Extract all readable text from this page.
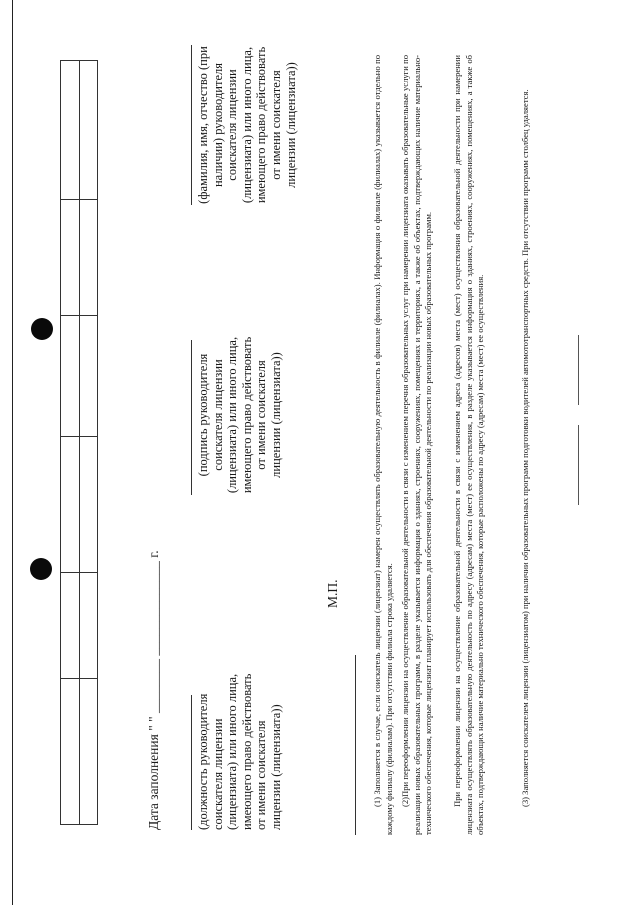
Дата заполнения " " ________ ______________ г.	(должность руководителя соискателя лицензии (лицензиата) или иного лица, имеющего право действовать от имени соискателя лицензии (лицензиата))
(подпись руководителя соискателя лицензии (лицензиата) или иного лица, имеющего право действовать от имени соискателя лицензии (лицензиата))
(фамилия, имя, отчество (при наличии) руководителя соискателя лицензии (лицензиата) или иного лица, имеющего право действовать от имени соискателя лицензии (лицензиата))
М.П.	(1) Заполняется в случае, если соискатель лицензии (лицензиат) намерен осуществлять образовательную деятельность в филиале (филиалах). Информация о филиале (филиалах) указывается отдельно по каждому филиалу (филиалам). При отсутствии филиала строка удаляется. (2)При переоформлении лицензии на осуществление образовательной деятельности в связи с изменением перечня образовательных услуг при намерении лицензиата оказывать образовательные услуги по реализации новых образовательных программ, в разделе указывается информация о зданиях, строениях, сооружениях, помещениях и территориях, а также об объектах, подтверждающих наличие материально-технического обеспечения, которые лицензиат планирует использовать для обеспечения образовательной деятельности по реализации новых образовательных программ. При переоформлении лицензии на осуществление образовательной деятельности в связи с изменением адреса (адресов) места (мест) осуществления образовательной деятельности при намерении лицензиата осуществлять образовательную деятельность по адресу (адресам) места (мест) ее осуществления, в разделе указывается информация о зданиях, строениях, сооружениях, помещениях, а также об объектах, подтверждающих наличие материально технического обеспечения, которые расположены по адресу (адресам) места (мест) ее осуществления.	(3) Заполняется соискателем лицензии (лицензиатом) при наличии образовательных программ подготовки водителей автомототранспортных средств. При отсутствии программ столбец удаляется.
